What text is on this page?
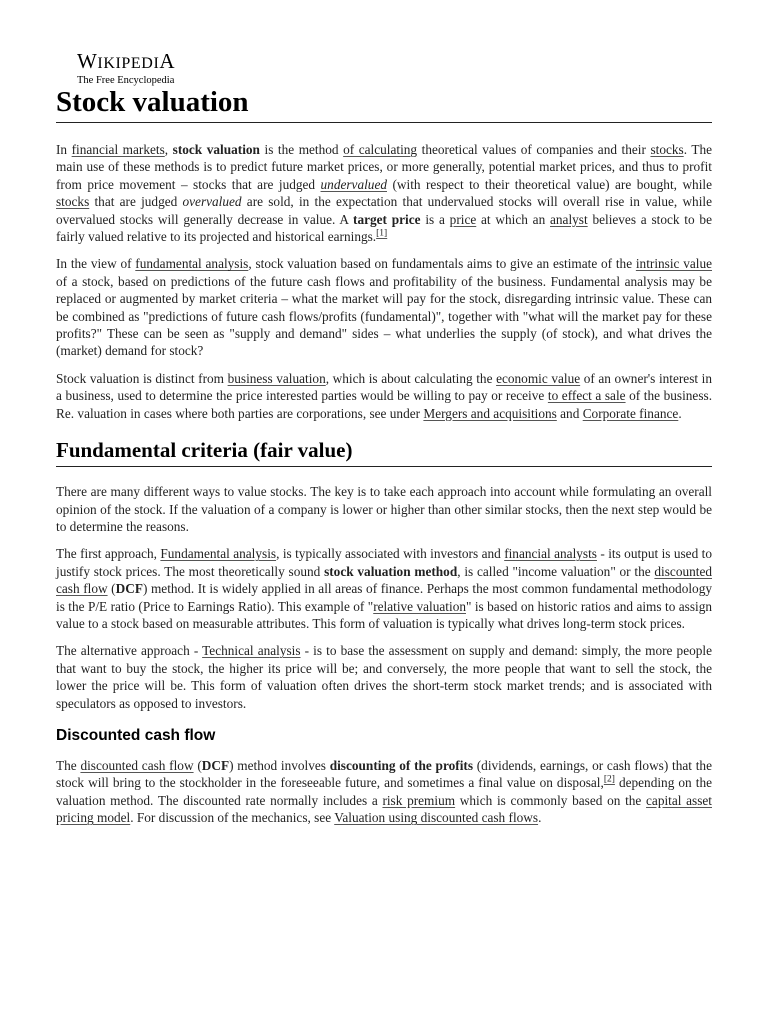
WIKIPEDIA
The Free Encyclopedia
Stock valuation

In financial markets, stock valuation is the method of calculating theoretical values of companies and their stocks. The main use of these methods is to predict future market prices, or more generally, potential market prices, and thus to profit from price movement – stocks that are judged undervalued (with respect to their theoretical value) are bought, while stocks that are judged overvalued are sold, in the expectation that undervalued stocks will overall rise in value, while overvalued stocks will generally decrease in value. A target price is a price at which an analyst believes a stock to be fairly valued relative to its projected and historical earnings.[1]

In the view of fundamental analysis, stock valuation based on fundamentals aims to give an estimate of the intrinsic value of a stock, based on predictions of the future cash flows and profitability of the business. Fundamental analysis may be replaced or augmented by market criteria – what the market will pay for the stock, disregarding intrinsic value. These can be combined as "predictions of future cash flows/profits (fundamental)", together with "what will the market pay for these profits?" These can be seen as "supply and demand" sides – what underlies the supply (of stock), and what drives the (market) demand for stock?

Stock valuation is distinct from business valuation, which is about calculating the economic value of an owner's interest in a business, used to determine the price interested parties would be willing to pay or receive to effect a sale of the business. Re. valuation in cases where both parties are corporations, see under Mergers and acquisitions and Corporate finance.

Fundamental criteria (fair value)

There are many different ways to value stocks. The key is to take each approach into account while formulating an overall opinion of the stock. If the valuation of a company is lower or higher than other similar stocks, then the next step would be to determine the reasons.

The first approach, Fundamental analysis, is typically associated with investors and financial analysts - its output is used to justify stock prices. The most theoretically sound stock valuation method, is called "income valuation" or the discounted cash flow (DCF) method. It is widely applied in all areas of finance. Perhaps the most common fundamental methodology is the P/E ratio (Price to Earnings Ratio). This example of "relative valuation" is based on historic ratios and aims to assign value to a stock based on measurable attributes. This form of valuation is typically what drives long-term stock prices.

The alternative approach - Technical analysis - is to base the assessment on supply and demand: simply, the more people that want to buy the stock, the higher its price will be; and conversely, the more people that want to sell the stock, the lower the price will be. This form of valuation often drives the short-term stock market trends; and is associated with speculators as opposed to investors.

Discounted cash flow

The discounted cash flow (DCF) method involves discounting of the profits (dividends, earnings, or cash flows) that the stock will bring to the stockholder in the foreseeable future, and sometimes a final value on disposal,[2] depending on the valuation method. The discounted rate normally includes a risk premium which is commonly based on the capital asset pricing model. For discussion of the mechanics, see Valuation using discounted cash flows.
